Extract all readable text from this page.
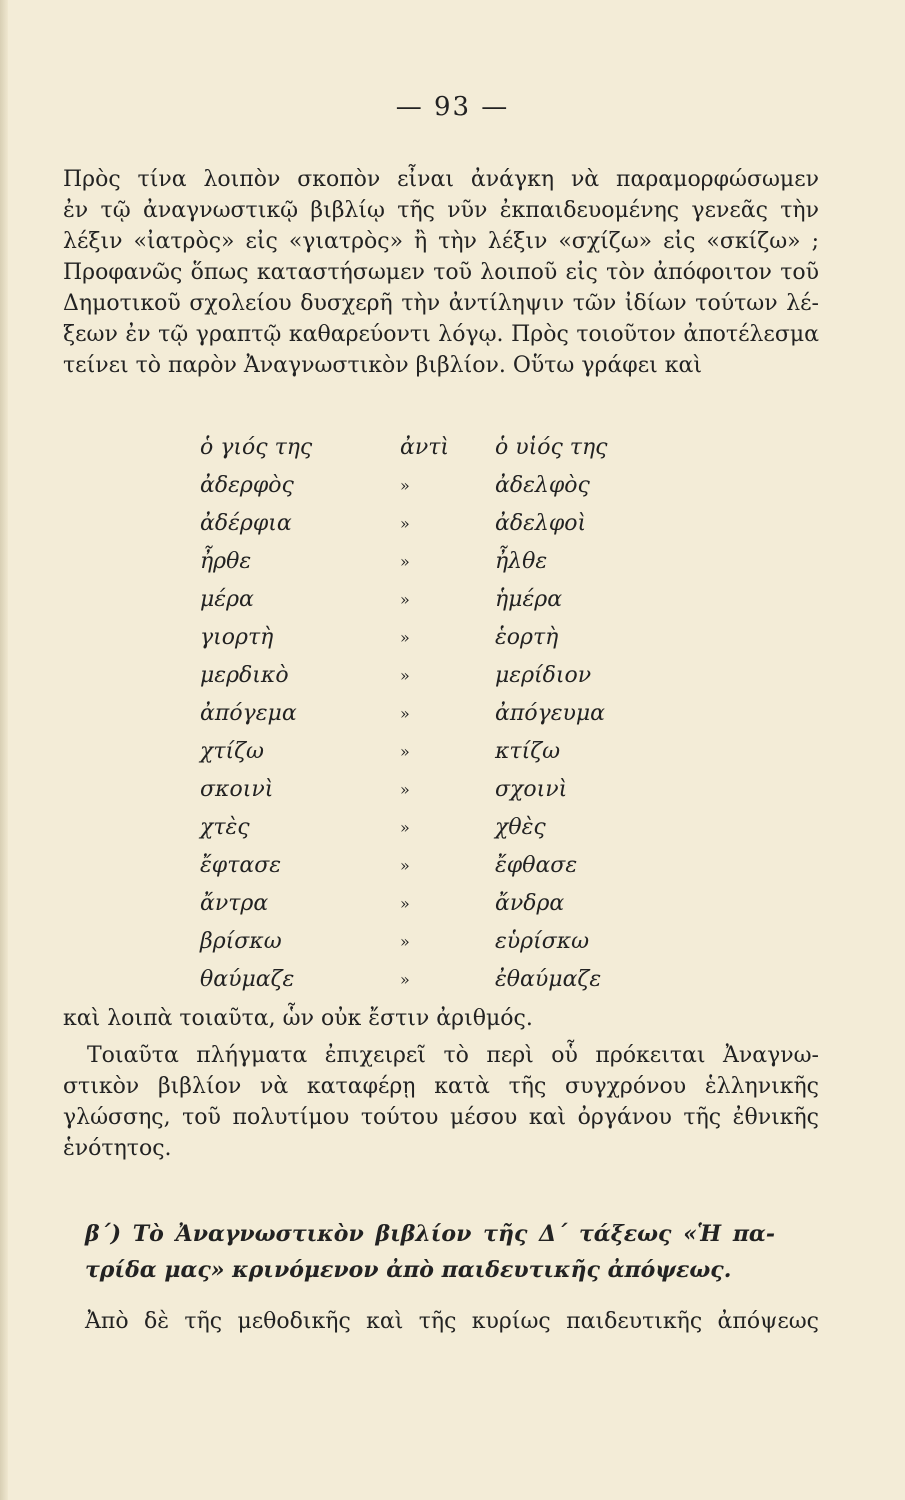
— 93 —
Πρὸς τίνα λοιπὸν σκοπὸν εἶναι ἀνάγκη νὰ παραμορφώσωμεν
ἐν τῷ ἀναγνωστικῷ βιβλίῳ τῆς νῦν ἐκπαιδευομένης γενεᾶς τὴν
λέξιν «ἰατρὸς» εἰς «γιατρὸς» ἢ τὴν λέξιν «σχίζω» εἰς «σκίζω» ;
Προφανῶς ὅπως καταστήσωμεν τοῦ λοιποῦ εἰς τὸν ἀπόφοιτον τοῦ
Δημοτικοῦ σχολείου δυσχερῆ τὴν ἀντίληψιν τῶν ἰδίων τούτων λέ-
ξεων ἐν τῷ γραπτῷ καθαρεύοντι λόγῳ. Πρὸς τοιοῦτον ἀποτέλεσμα
τείνει τὸ παρὸν Ἀναγνωστικὸν βιβλίον. Οὕτω γράφει καὶ
ὁ γιός της	ἀντὶ	ὁ υἱός της
ἀδερφὸς	»	ἀδελφὸς
ἀδέρφια	»	ἀδελφοὶ
ἦρθε	»	ἦλθε
μέρα	»	ἡμέρα
γιορτὴ	»	ἑορτὴ
μερδικὸ	»	μερίδιον
ἀπόγεμα	»	ἀπόγευμα
χτίζω	»	κτίζω
σκοινὶ	»	σχοινὶ
χτὲς	»	χθὲς
ἔφτασε	»	ἔφθασε
ἄντρα	»	ἄνδρα
βρίσκω	»	εὑρίσκω
θαύμαζε	»	ἐθαύμαζε
καὶ λοιπὰ τοιαῦτα, ὧν οὐκ ἔστιν ἀριθμός.
Τοιαῦτα πλήγματα ἐπιχειρεῖ τὸ περὶ οὗ πρόκειται Ἀναγνω-
στικὸν βιβλίον νὰ καταφέρῃ κατὰ τῆς συγχρόνου ἑλληνικῆς
γλώσσης, τοῦ πολυτίμου τούτου μέσου καὶ ὀργάνου τῆς ἐθνικῆς
ἑνότητος.
β΄) Τὸ Ἀναγνωστικὸν βιβλίον τῆς Δ΄ τάξεως «Ἡ πα-
τρίδα μας» κρινόμενον ἀπὸ παιδευτικῆς ἀπόψεως.
Ἀπὸ δὲ τῆς μεθοδικῆς καὶ τῆς κυρίως παιδευτικῆς ἀπόψεως
